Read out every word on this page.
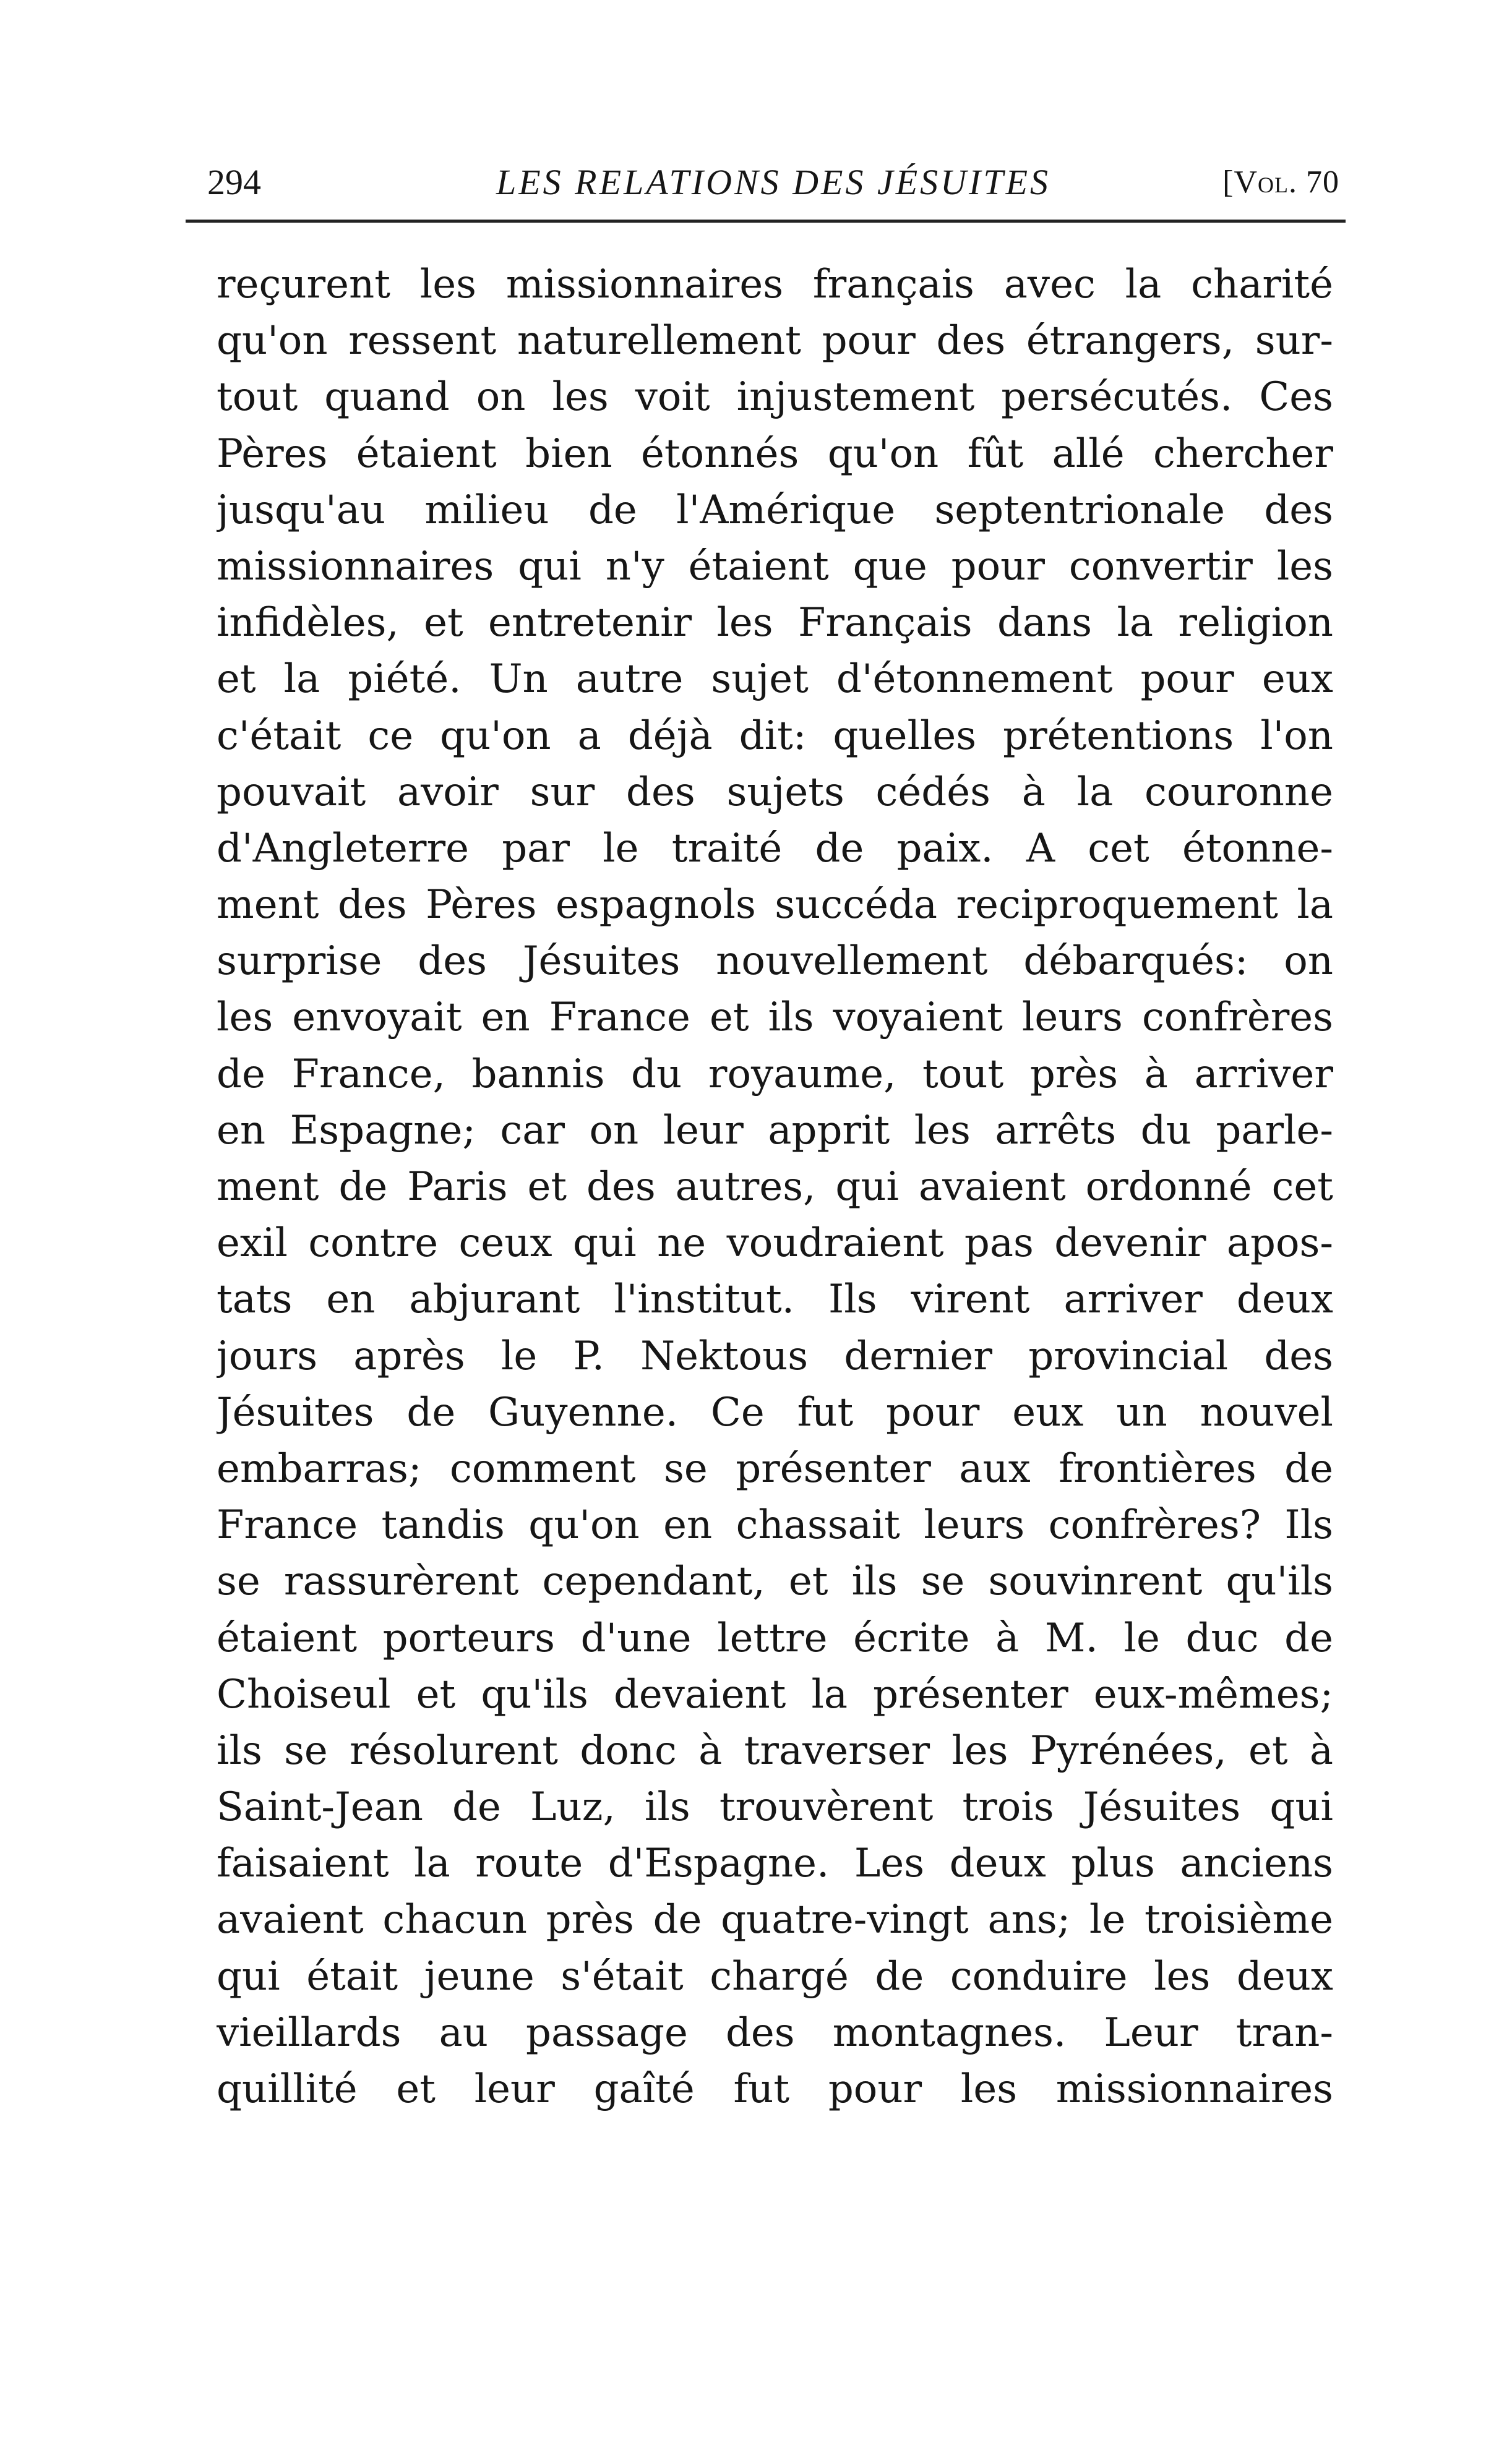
294	LES RELATIONS DES JÉSUITES	[Vol. 70
reçurent les missionnaires français avec la charité
qu'on ressent naturellement pour des étrangers, sur-
tout quand on les voit injustement persécutés. Ces
Pères étaient bien étonnés qu'on fût allé chercher
jusqu'au milieu de l'Amérique septentrionale des
missionnaires qui n'y étaient que pour convertir les
infidèles, et entretenir les Français dans la religion
et la piété. Un autre sujet d'étonnement pour eux
c'était ce qu'on a déjà dit: quelles prétentions l'on
pouvait avoir sur des sujets cédés à la couronne
d'Angleterre par le traité de paix. A cet étonne-
ment des Pères espagnols succéda reciproquement la
surprise des Jésuites nouvellement débarqués: on
les envoyait en France et ils voyaient leurs confrères
de France, bannis du royaume, tout près à arriver
en Espagne; car on leur apprit les arrêts du parle-
ment de Paris et des autres, qui avaient ordonné cet
exil contre ceux qui ne voudraient pas devenir apos-
tats en abjurant l'institut. Ils virent arriver deux
jours après le P. Nektous dernier provincial des
Jésuites de Guyenne. Ce fut pour eux un nouvel
embarras; comment se présenter aux frontières de
France tandis qu'on en chassait leurs confrères? Ils
se rassurèrent cependant, et ils se souvinrent qu'ils
étaient porteurs d'une lettre écrite à M. le duc de
Choiseul et qu'ils devaient la présenter eux-mêmes;
ils se résolurent donc à traverser les Pyrénées, et à
Saint-Jean de Luz, ils trouvèrent trois Jésuites qui
faisaient la route d'Espagne. Les deux plus anciens
avaient chacun près de quatre-vingt ans; le troisième
qui était jeune s'était chargé de conduire les deux
vieillards au passage des montagnes. Leur tran-
quillité et leur gaîté fut pour les missionnaires
